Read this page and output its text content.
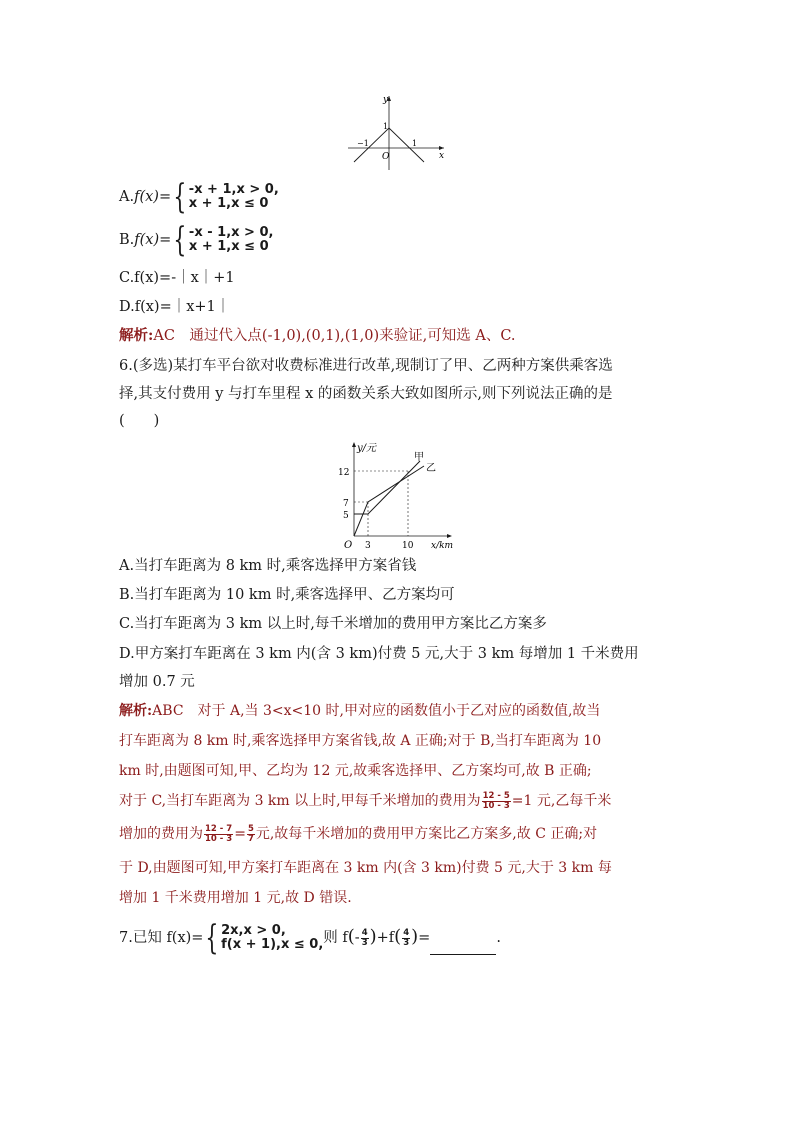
y
x
1
−1	1
O
A.f(x)= { -x + 1,x > 0,
x + 1,x ≤ 0
B.f(x)= { -x - 1,x > 0,
x + 1,x ≤ 0
C.f(x)=-｜x｜+1
D.f(x)=｜x+1｜
解析:AC　通过代入点(-1,0),(0,1),(1,0)来验证,可知选 A、C.
6.(多选)某打车平台欲对收费标准进行改革,现制订了甲、乙两种方案供乘客选
择,其支付费用 y 与打车里程 x 的函数关系大致如图所示,则下列说法正确的是
(　　)
y/元
x/km
O
12
7
5
3	10
甲
乙
A.当打车距离为 8 km 时,乘客选择甲方案省钱
B.当打车距离为 10 km 时,乘客选择甲、乙方案均可
C.当打车距离为 3 km 以上时,每千米增加的费用甲方案比乙方案多
D.甲方案打车距离在 3 km 内(含 3 km)付费 5 元,大于 3 km 每增加 1 千米费用
增加 0.7 元
解析:ABC　对于 A,当 3<x<10 时,甲对应的函数值小于乙对应的函数值,故当
打车距离为 8 km 时,乘客选择甲方案省钱,故 A 正确;对于 B,当打车距离为 10
km 时,由题图可知,甲、乙均为 12 元,故乘客选择甲、乙方案均可,故 B 正确;
对于 C,当打车距离为 3 km 以上时,甲每千米增加的费用为 $\frac{12 - 5}{10 - 3} =1$ 元,乙每千米
增加的费用为 $\frac{12 - 7}{10 - 3} = \frac{5}{7}$ 元,故每千米增加的费用甲方案比乙方案多,故 C 正确;对
于 D,由题图可知,甲方案打车距离在 3 km 内(含 3 km)付费 5 元,大于 3 km 每
增加 1 千米费用增加 1 元,故 D 错误.
7.已知 f(x)= { 2x,x > 0,
f(x + 1),x ≤ 0, 则 $f(- \frac{4}{3} )+f( \frac{4}{3}$ )=	.
